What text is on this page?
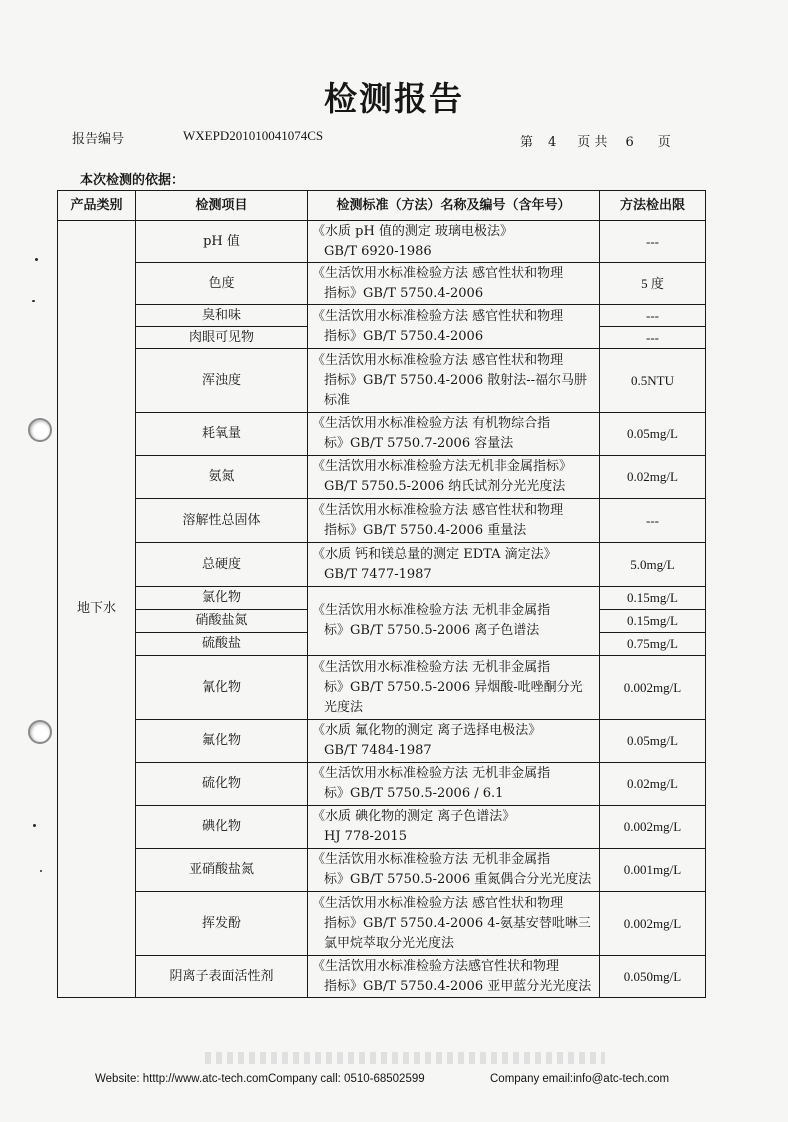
检测报告
报告编号	WXEPD201010041074CS	第 4 页 共 6 页
本次检测的依据：
产品类别	检测项目	检测标准（方法）名称及编号（含年号）	方法检出限
地下水	pH 值	《水质 pH 值的测定 玻璃电极法》
GB/T 6920-1986	---
	色度	《生活饮用水标准检验方法 感官性状和物理
指标》GB/T 5750.4-2006	5 度
	臭和味	《生活饮用水标准检验方法 感官性状和物理
指标》GB/T 5750.4-2006	---
	肉眼可见物		---
	浑浊度	《生活饮用水标准检验方法 感官性状和物理
指标》GB/T 5750.4-2006 散射法--福尔马肼
标准	0.5NTU
	耗氧量	《生活饮用水标准检验方法 有机物综合指
标》GB/T 5750.7-2006 容量法	0.05mg/L
	氨氮	《生活饮用水标准检验方法无机非金属指标》
GB/T 5750.5-2006 纳氏试剂分光光度法	0.02mg/L
	溶解性总固体	《生活饮用水标准检验方法 感官性状和物理
指标》GB/T 5750.4-2006 重量法	---
	总硬度	《水质 钙和镁总量的测定 EDTA 滴定法》
GB/T 7477-1987	5.0mg/L
	氯化物	《生活饮用水标准检验方法 无机非金属指
标》GB/T 5750.5-2006 离子色谱法	0.15mg/L
	硝酸盐氮		0.15mg/L
	硫酸盐		0.75mg/L
	氰化物	《生活饮用水标准检验方法 无机非金属指
标》GB/T 5750.5-2006 异烟酸-吡唑酮分光
光度法	0.002mg/L
	氟化物	《水质 氟化物的测定 离子选择电极法》
GB/T 7484-1987	0.05mg/L
	硫化物	《生活饮用水标准检验方法 无机非金属指
标》GB/T 5750.5-2006 / 6.1	0.02mg/L
	碘化物	《水质 碘化物的测定 离子色谱法》
HJ 778-2015	0.002mg/L
	亚硝酸盐氮	《生活饮用水标准检验方法 无机非金属指
标》GB/T 5750.5-2006 重氮偶合分光光度法	0.001mg/L
	挥发酚	《生活饮用水标准检验方法 感官性状和物理
指标》GB/T 5750.4-2006 4-氨基安替吡啉三
氯甲烷萃取分光光度法	0.002mg/L
	阴离子表面活性剂	《生活饮用水标准检验方法感官性状和物理
指标》GB/T 5750.4-2006 亚甲蓝分光光度法	0.050mg/L
Website: htttp://www.atc-tech.comCompany call: 0510-68502599	Company email:info@atc-tech.com
